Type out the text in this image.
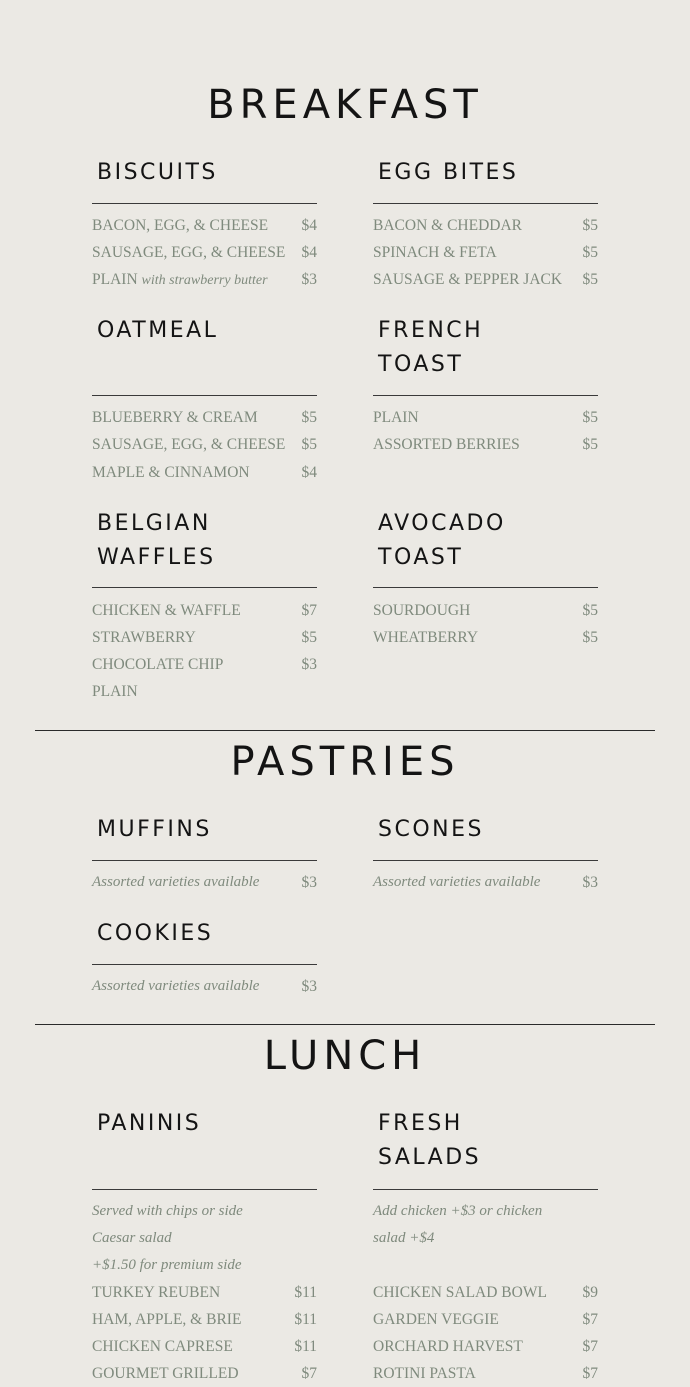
BREAKFAST
BISCUITS
BACON, EGG, & CHEESE $4
SAUSAGE, EGG, & CHEESE $4
PLAIN with strawberry butter $3
EGG BITES
BACON & CHEDDAR	$5
SPINACH & FETA	$5
SAUSAGE & PEPPER JACK $5
OATMEAL
BLUEBERRY & CREAM	$5
SAUSAGE, EGG, & CHEESE $5
MAPLE & CINNAMON	$4
FRENCH TOAST
PLAIN	$5
ASSORTED BERRIES	$5
BELGIAN WAFFLES
CHICKEN & WAFFLE	$7
STRAWBERRY	$5
CHOCOLATE CHIP	$3
PLAIN
AVOCADO TOAST
SOURDOUGH	$5
WHEATBERRY	$5
PASTRIES
MUFFINS
Assorted varieties available	$3
SCONES
Assorted varieties available	$3
COOKIES
Assorted varieties available	$3
LUNCH
PANINIS
Served with chips or side
Caesar salad
+$1.50 for premium side
TURKEY REUBEN	$11
HAM, APPLE, & BRIE	$11
CHICKEN CAPRESE	$11
GOURMET GRILLED	$7
FRESH SALADS
Add chicken +$3 or chicken
salad +$4
CHICKEN SALAD BOWL $9
GARDEN VEGGIE	$7
ORCHARD HARVEST	$7
ROTINI PASTA	$7
